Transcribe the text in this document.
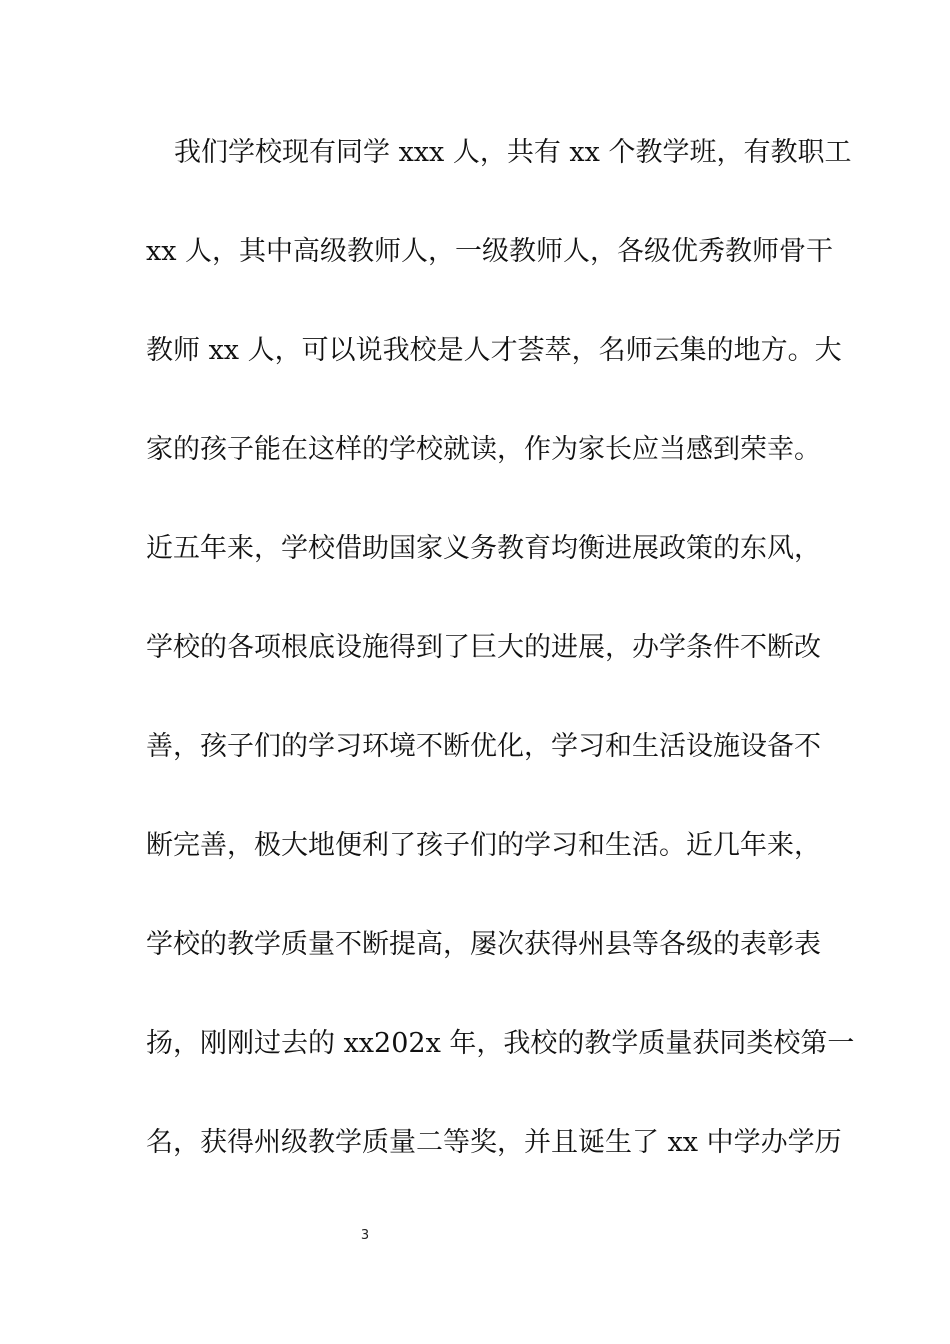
我们学校现有同学 xxx 人，共有 xx 个教学班，有教职工
xx 人，其中高级教师人，一级教师人，各级优秀教师骨干
教师 xx 人，可以说我校是人才荟萃，名师云集的地方。大
家的孩子能在这样的学校就读，作为家长应当感到荣幸。
近五年来，学校借助国家义务教育均衡进展政策的东风，
学校的各项根底设施得到了巨大的进展，办学条件不断改
善，孩子们的学习环境不断优化，学习和生活设施设备不
断完善，极大地便利了孩子们的学习和生活。近几年来，
学校的教学质量不断提高，屡次获得州县等各级的表彰表
扬，刚刚过去的 xx202x 年，我校的教学质量获同类校第一
名，获得州级教学质量二等奖，并且诞生了 xx 中学办学历
3
